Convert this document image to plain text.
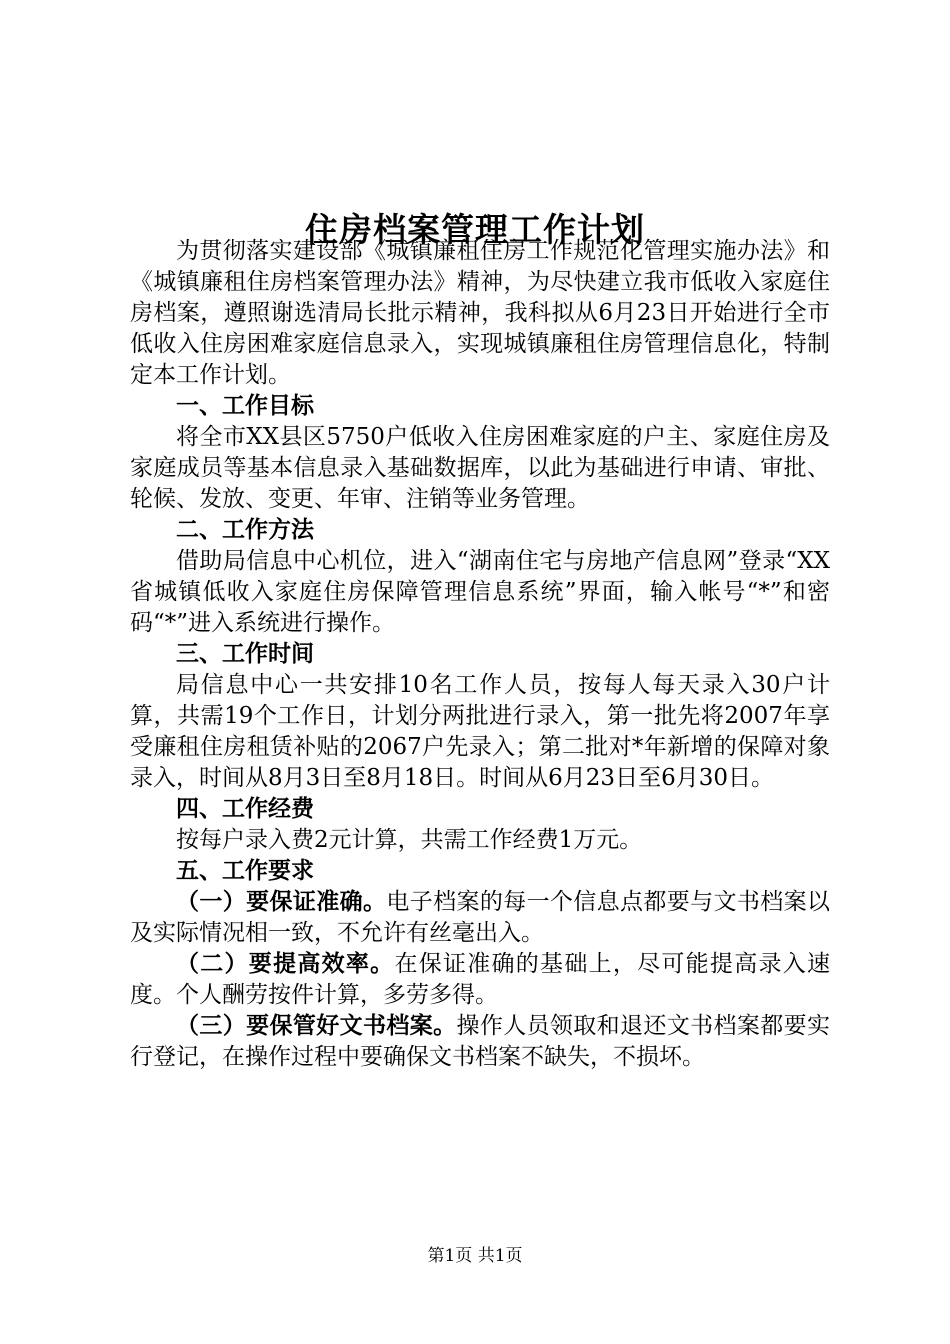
住房档案管理工作计划

为贯彻落实建设部《城镇廉租住房工作规范化管理实施办法》和《城镇廉租住房档案管理办法》精神，为尽快建立我市低收入家庭住房档案，遵照谢选清局长批示精神，我科拟从6月23日开始进行全市低收入住房困难家庭信息录入，实现城镇廉租住房管理信息化，特制定本工作计划。

一、工作目标

将全市XX县区5750户低收入住房困难家庭的户主、家庭住房及家庭成员等基本信息录入基础数据库，以此为基础进行申请、审批、轮候、发放、变更、年审、注销等业务管理。

二、工作方法

借助局信息中心机位，进入“湖南住宅与房地产信息网”登录“XX省城镇低收入家庭住房保障管理信息系统”界面，输入帐号“*”和密码“*”进入系统进行操作。

三、工作时间

局信息中心一共安排10名工作人员，按每人每天录入30户计算，共需19个工作日，计划分两批进行录入，第一批先将2007年享受廉租住房租赁补贴的2067户先录入；第二批对*年新增的保障对象录入，时间从8月3日至8月18日。时间从6月23日至6月30日。

四、工作经费

按每户录入费2元计算，共需工作经费1万元。

五、工作要求

（一）要保证准确。电子档案的每一个信息点都要与文书档案以及实际情况相一致，不允许有丝毫出入。

（二）要提高效率。在保证准确的基础上，尽可能提高录入速度。个人酬劳按件计算，多劳多得。

（三）要保管好文书档案。操作人员领取和退还文书档案都要实行登记，在操作过程中要确保文书档案不缺失，不损坏。

第1页 共1页
